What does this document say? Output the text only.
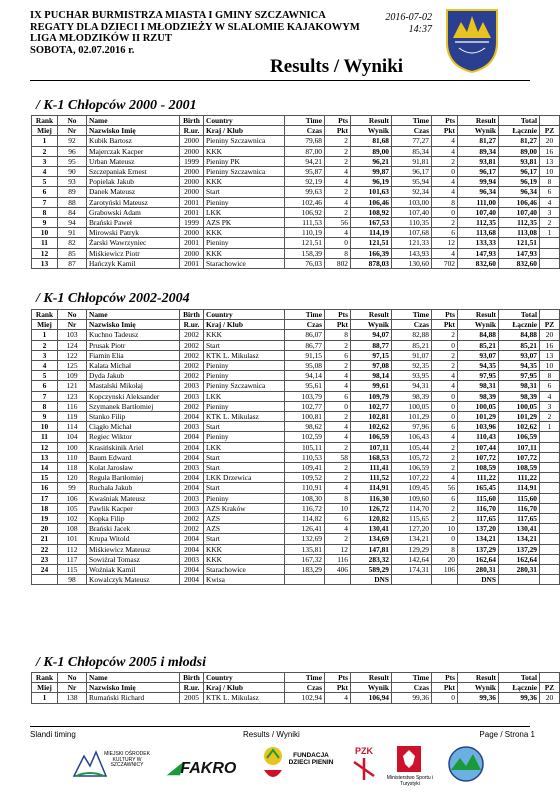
IX PUCHAR BURMISTRZA MIASTA I GMINY SZCZAWNICA
REGATY DLA DZIECI I MŁODZIEŻY W SLALOMIE KAJAKOWYM
LIGA MŁODZIKÓW II RZUT
SOBOTA, 02.07.2016 r.
2016-07-02
14:37
Results / Wyniki
/ K-1 Chłopców 2000 - 2001
Rank	No	Name	Birth	Country	Time	Pts	Result	Time	Pts	Result	Total	
Miej	Nr	Nazwisko Imię	R.ur.	Kraj / Klub	Czas	Pkt	Wynik	Czas	Pkt	Wynik	Łącznie	PZ
1	92	Kubik Bartosz	2000	Pieniny Szczawnica	79,68	2	81,68	77,27	4	81,27	81,27	20
2	96	Majerczak Kacper	2000	KKK	87,00	2	89,00	85,34	4	89,34	89,00	16
3	95	Urban Mateusz	1999	Pieniny PK	94,21	2	96,21	91,81	2	93,81	93,81	13
4	90	Szczepaniak Ernest	2000	Pieniny Szczawnica	95,87	4	99,87	96,17	0	96,17	96,17	10
5	93	Popielak Jakub	2000	KKK	92,19	4	96,19	95,94	4	99,94	96,19	8
6	89	Danek Mateusz	2000	Start	99,63	2	101,63	92,34	4	96,34	96,34	6
7	88	Zarotyński Mateusz	2001	Pieniny	102,46	4	106,46	103,00	8	111,00	106,46	4
8	84	Grabowski Adam	2001	LKK	106,92	2	108,92	107,40	0	107,40	107,40	3
9	94	Brański Paweł	1999	AZS PK	111,53	56	167,53	110,35	2	112,35	112,35	2
10	91	Mirowski Patryk	2000	KKK	110,19	4	114,19	107,68	6	113,68	113,08	1
11	82	Żarski Wawrzyniec	2001	Pieniny	121,51	0	121,51	121,33	12	133,33	121,51	
12	85	Miśkiewicz Piotr	2000	KKK	158,39	8	166,39	143,93	4	147,93	147,93	
13	87	Hańczyk Kamil	2001	Starachowice	76,03	802	878,03	130,60	702	832,60	832,60	
/ K-1 Chłopców 2002-2004
Rank	No	Name	Birth	Country	Time	Pts	Result	Time	Pts	Result	Total	
Miej	Nr	Nazwisko Imię	R.ur.	Kraj / Klub	Czas	Pkt	Wynik	Czas	Pkt	Wynik	Łącznie	PZ
1	103	Kuchno Tadeusz	2002	KKK	86,07	8	94,07	82,88	2	84,88	84,88	20
2	124	Prusak Piotr	2002	Start	86,77	2	88,77	85,21	0	85,21	85,21	16
3	122	Fiamin Elia	2002	KTK L. Mikulasz	91,15	6	97,15	91,07	2	93,07	93,07	13
4	125	Kalata Michał	2002	Pieniny	95,08	2	97,08	92,35	2	94,35	94,35	10
5	109	Dyda Jakub	2002	Pieniny	94,14	4	98,14	93,95	4	97,95	97,95	8
6	121	Mastalski Mikołaj	2003	Pieniny Szczawnica	95,61	4	99,61	94,31	4	98,31	98,31	6
7	123	Kopczynski Aleksander	2003	LKK	103,79	6	109,79	98,39	0	98,39	98,39	4
8	116	Szymanek Bartłomiej	2002	Pieniny	102,77	0	102,77	100,05	0	100,05	100,05	3
9	119	Stanko Filip	2004	KTK L. Mikulasz	100,81	2	102,81	101,29	0	101,29	101,29	2
10	114	Ciągło Michał	2003	Start	98,62	4	102,62	97,96	6	103,96	102,62	1
11	104	Regiec Wiktor	2004	Pieniny	102,59	4	106,59	106,43	4	110,43	106,59	
12	100	Krasińskinik Ariel	2004	LKK	105,11	2	107,11	105,44	2	107,44	107,11	
13	110	Baum Edward	2004	Start	110,53	58	168,53	105,72	2	107,72	107,72	
14	118	Kolat Jarosław	2003	Start	109,41	2	111,41	106,59	2	108,59	108,59	
15	120	Reguła Bartłomiej	2004	LKK Drzewica	109,52	2	111,52	107,22	4	111,22	111,22	
16	99	Ruchała Jakub	2004	Start	110,91	4	114,91	109,45	56	165,45	114,91	
17	106	Kwaśniak Mateusz	2003	Pieniny	108,30	8	116,30	109,60	6	115,60	115,60	
18	105	Pawlik Kacper	2003	AZS Kraków	116,72	10	126,72	114,70	2	116,70	116,70	
19	102	Kopka Filip	2002	AZS	114,82	6	120,82	115,65	2	117,65	117,65	
20	108	Brański Jacek	2002	AZS	126,41	4	130,41	127,20	10	137,20	130,41	
21	101	Krupa Witold	2004	Start	132,69	2	134,69	134,21	0	134,21	134,21	
22	112	Miśkiewicz Mateusz	2004	KKK	135,81	12	147,81	129,29	8	137,29	137,29	
23	117	Sowiźrał Tomasz	2003	KKK	167,32	116	283,32	142,64	20	162,64	162,64	
24	115	Woźniak Kamil	2004	Starachowice	183,29	406	589,29	174,31	106	280,31	280,31	
	98	Kowalczyk Mateusz	2004	Kwisa			DNS			DNS		
/ K-1 Chłopców 2005 i młodsi
Rank	No	Name	Birth	Country	Time	Pts	Result	Time	Pts	Result	Total	
Miej	Nr	Nazwisko Imię	R.ur.	Kraj / Klub	Czas	Pkt	Wynik	Czas	Pkt	Wynik	Łącznie	PZ
1	138	Rumański Richard	2005	KTK L. Mikulasz	102,94	4	106,94	99,36	0	99,36	99,36	20
Slandi timing	Results / Wyniki	Page / Strona 1
MIEJSKI OŚRODEK KULTURY W SZCZAWNICY	◢FAKRO
FUNDACJA DZIECI PIENIN
PZK
Ministerstwo Sportu i Turystyki
